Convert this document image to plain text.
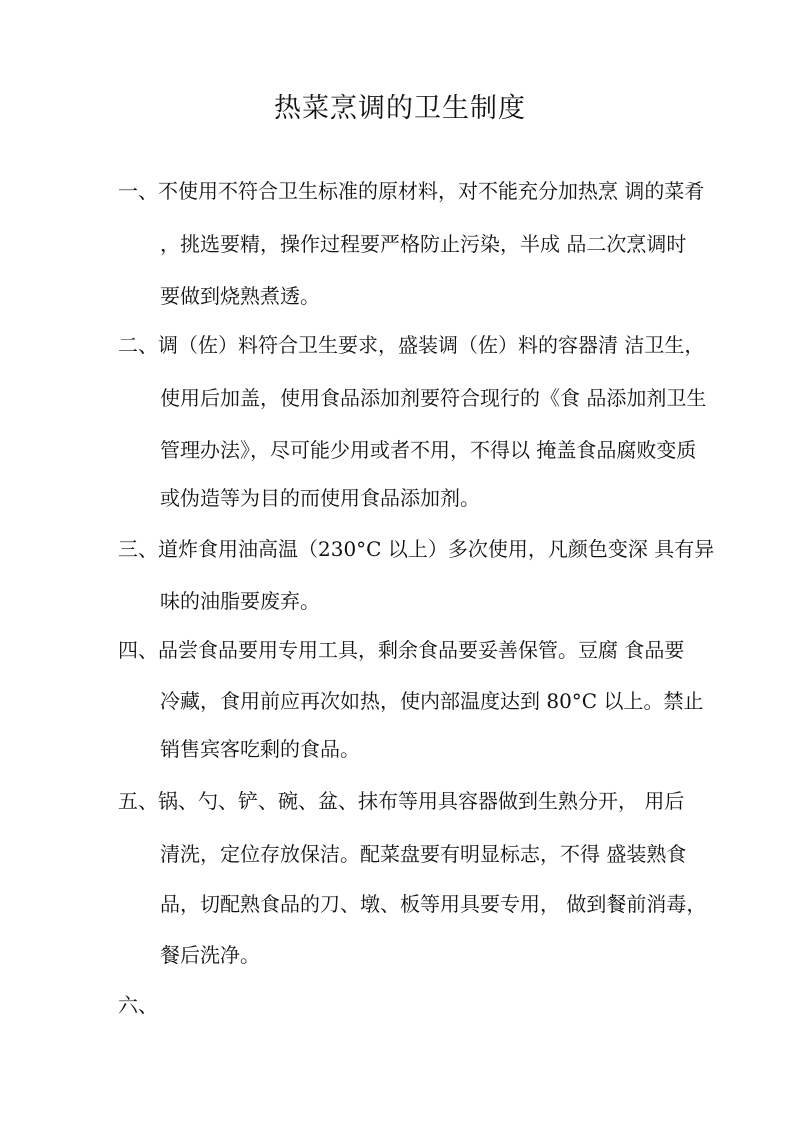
热菜烹调的卫生制度
一、不使用不符合卫生标准的原材料，对不能充分加热烹 调的菜肴
，挑选要精，操作过程要严格防止污染，半成 品二次烹调时
要做到烧熟煮透。
二、调（佐）料符合卫生要求，盛装调（佐）料的容器清 洁卫生，
使用后加盖，使用食品添加剂要符合现行的《食 品添加剂卫生
管理办法》，尽可能少用或者不用，不得以 掩盖食品腐败变质
或伪造等为目的而使用食品添加剂。
三、道炸食用油高温（230°C 以上）多次使用，凡颜色变深 具有异
味的油脂要废弃。
四、品尝食品要用专用工具，剩余食品要妥善保管。豆腐 食品要
冷藏，食用前应再次如热，使内部温度达到 80°C 以上。禁止
销售宾客吃剩的食品。
五、锅、勺、铲、碗、盆、抹布等用具容器做到生熟分开， 用后
清洗，定位存放保洁。配菜盘要有明显标志，不得 盛装熟食
品，切配熟食品的刀、墩、板等用具要专用， 做到餐前消毒，
餐后洗净。
六、
